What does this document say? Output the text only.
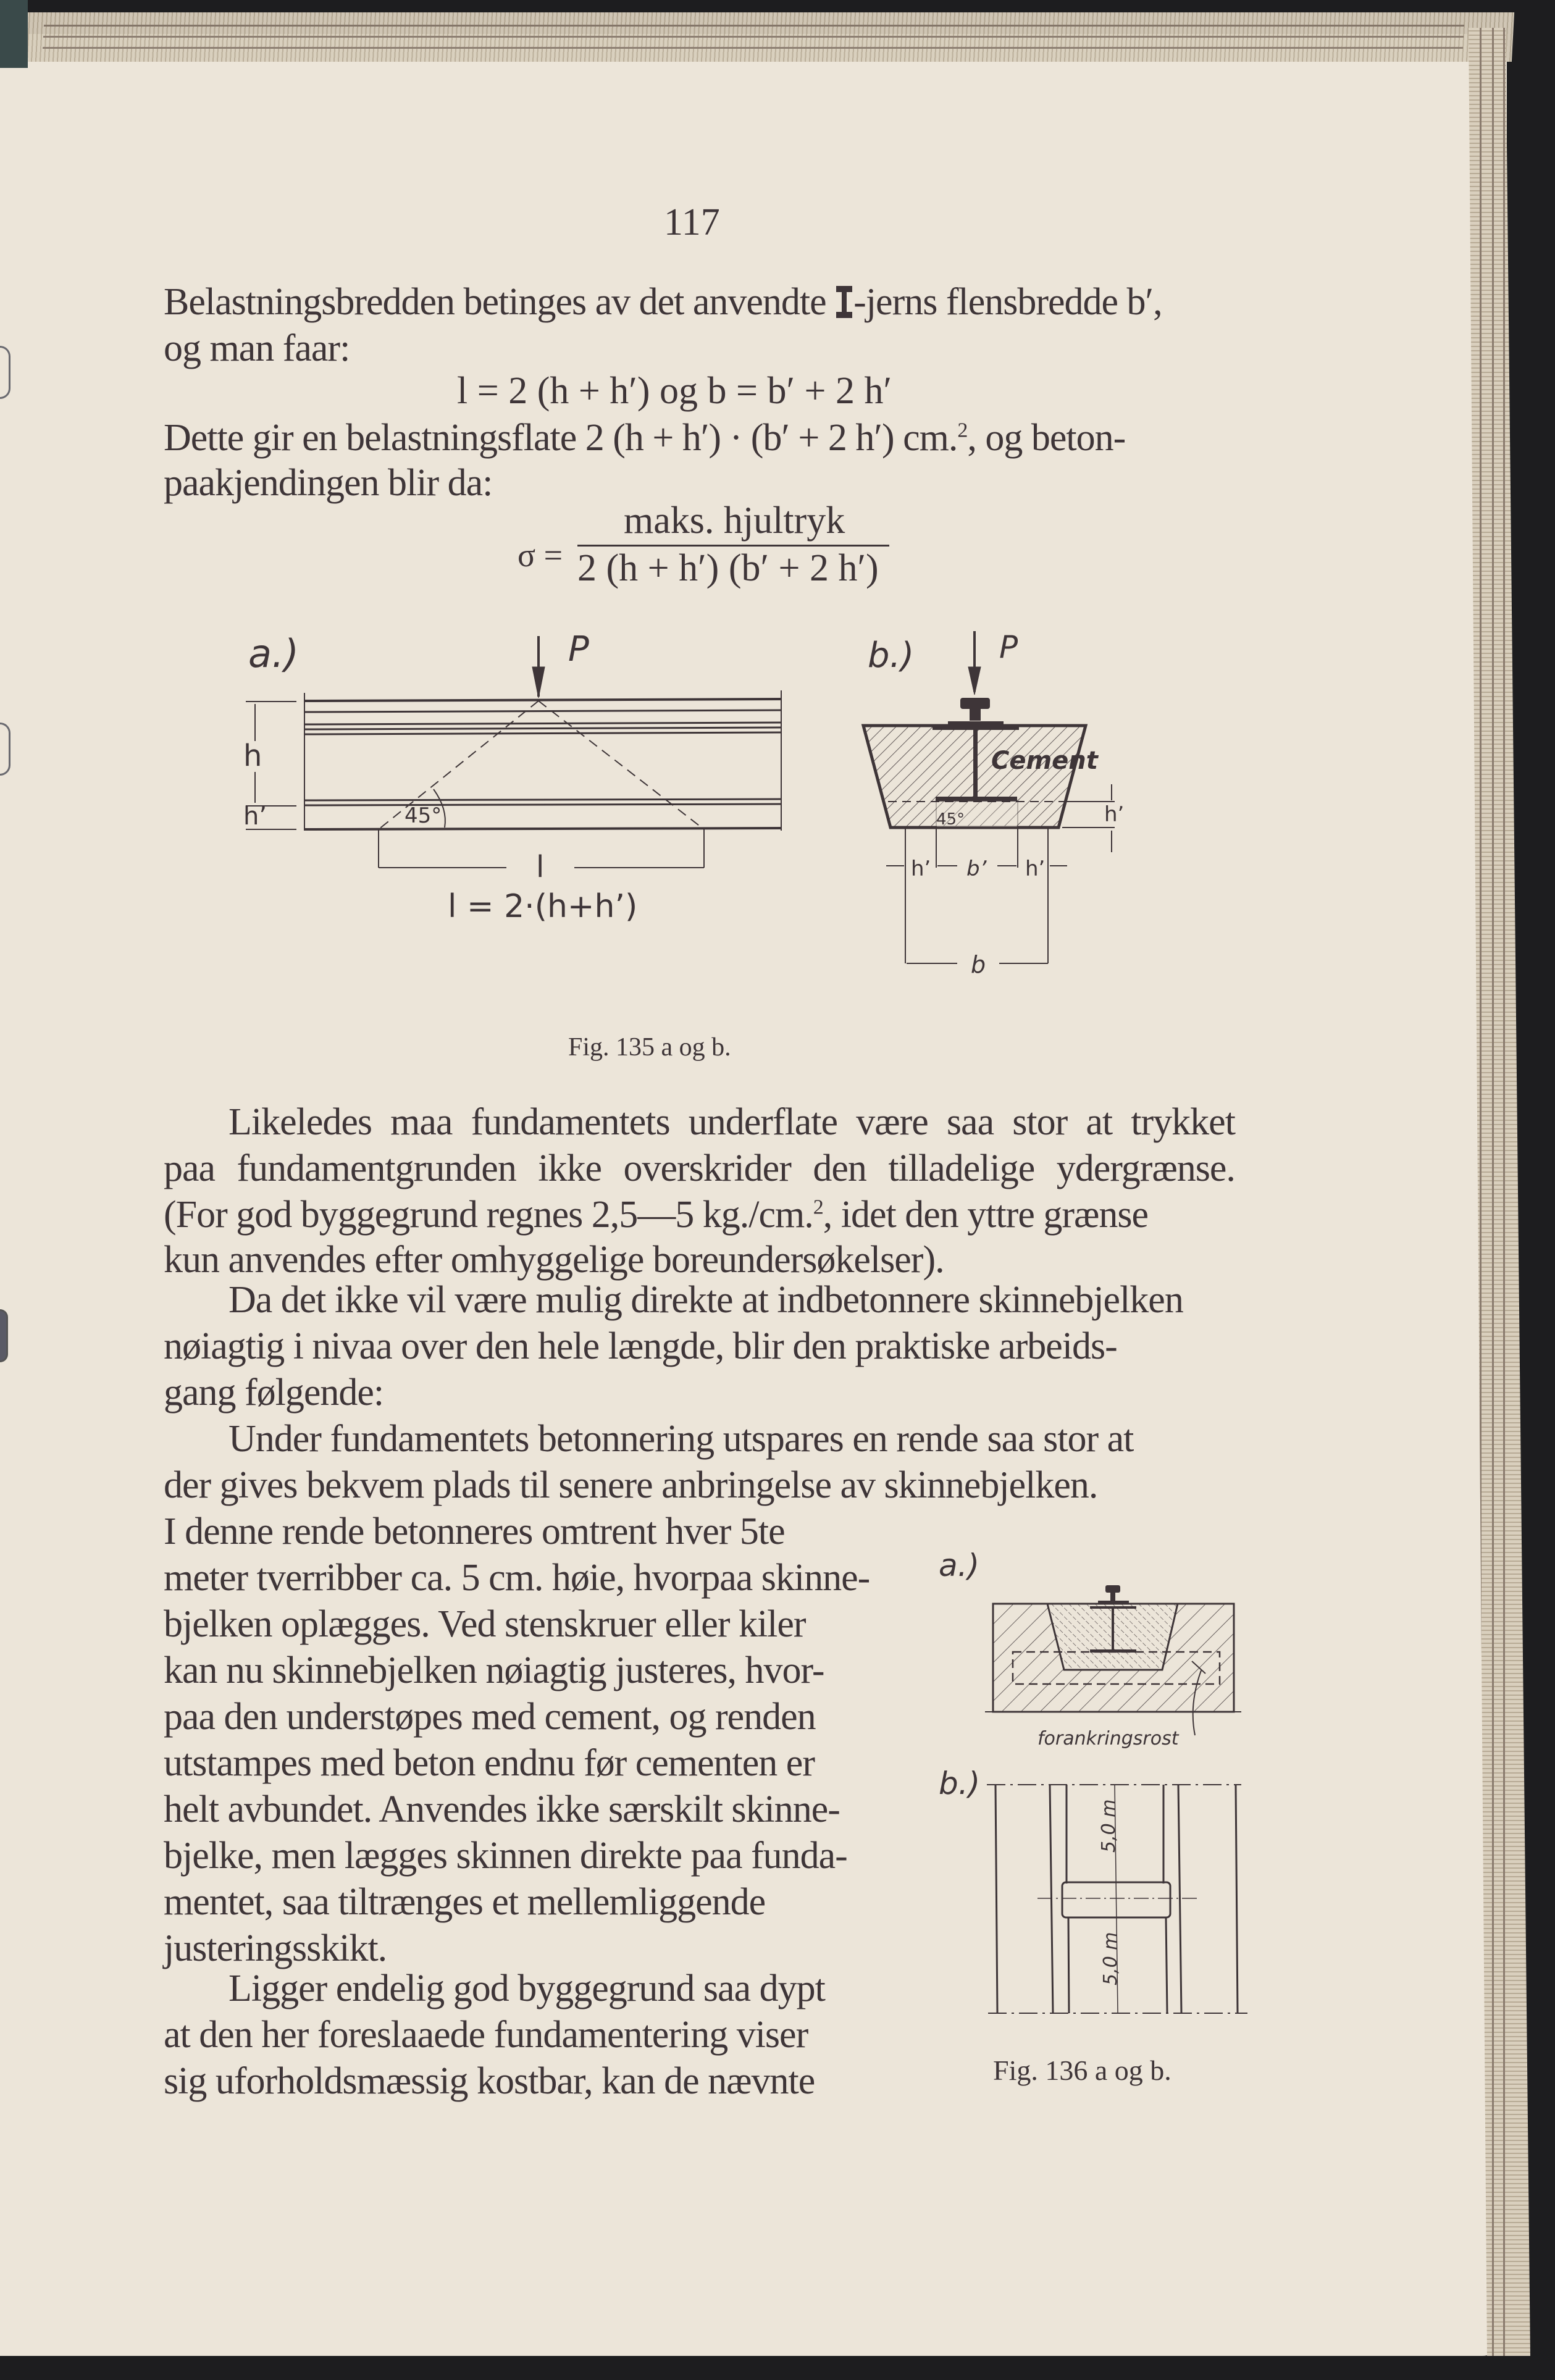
117
Belastningsbredden betinges av det anvendte -jerns flensbredde b′,
og man faar:
l = 2 (h + h′) og b = b′ + 2 h′
Dette gir en belastningsflate 2 (h + h′) · (b′ + 2 h′) cm.$^2$, og beton-
paakjendingen blir da:
σ =
maks. hjultryk
2 (h + h′) (b′ + 2 h′)
a.)	P
h
h’	45°
l
l = 2·(h+h’)
b.)	P
Cement
45°	h’
h’ b’ h’
b
Fig. 135 a og b.
Likeledes maa fundamentets underflate være saa stor at trykket
paa fundamentgrunden ikke overskrider den tilladelige ydergrænse.
(For god byggegrund regnes 2,5—5 kg./cm.$^2$, idet den yttre grænse
kun anvendes efter omhyggelige boreundersøkelser).
Da det ikke vil være mulig direkte at indbetonnere skinnebjelken
nøiagtig i nivaa over den hele længde, blir den praktiske arbeids-
gang følgende:
Under fundamentets betonnering utspares en rende saa stor at
der gives bekvem plads til senere anbringelse av skinnebjelken.
I denne rende betonneres omtrent hver 5te
meter tverribber ca. 5 cm. høie, hvorpaa skinne-
bjelken oplægges. Ved stenskruer eller kiler
kan nu skinnebjelken nøiagtig justeres, hvor-
paa den understøpes med cement, og renden
utstampes med beton endnu før cementen er
helt avbundet. Anvendes ikke særskilt skinne-
bjelke, men lægges skinnen direkte paa funda-
mentet, saa tiltrænges et mellemliggende
justeringsskikt.
Ligger endelig god byggegrund saa dypt
at den her foreslaaede fundamentering viser
sig uforholdsmæssig kostbar, kan de nævnte
a.)
forankringsrost
b.)
5,0 m
5,0 m
Fig. 136 a og b.
